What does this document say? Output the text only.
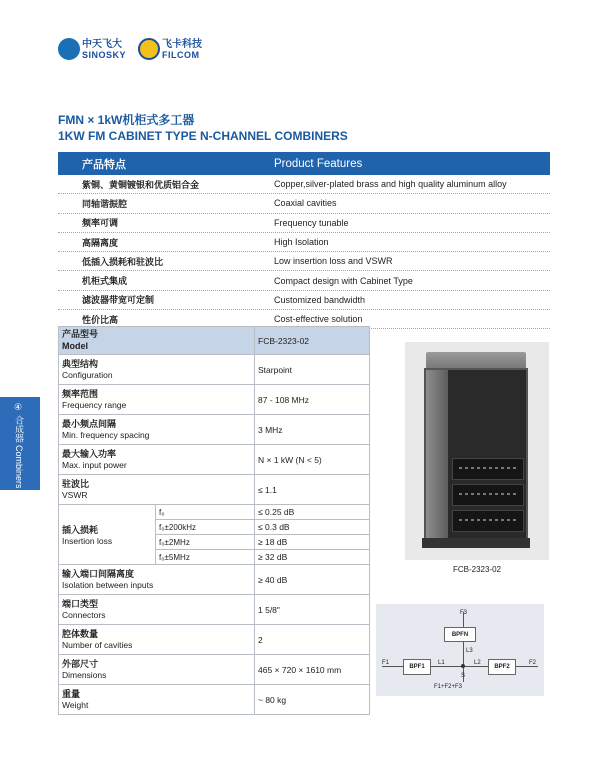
中天飞大
SINOSKY
飞卡科技
FILCOM
FMN × 1kW机柜式多工器
1KW FM CABINET TYPE N-CHANNEL COMBINERS
④ 合成器 Combiners
产品特点	Product Features
紫铜、黄铜镀银和优质铝合金	Copper,silver-plated brass and high quality aluminum alloy
同轴谐振腔	Coaxial cavities
频率可调	Frequency tunable
高隔离度	High Isolation
低插入损耗和驻波比	Low insertion loss and VSWR
机柜式集成	Compact design with Cabinet Type
滤波器带宽可定制	Customized bandwidth
性价比高	Cost-effective solution
产品型号
Model		FCB-2323-02

典型结构
Configuration		Starpoint

频率范围
Frequency range		87 - 108 MHz

最小频点间隔
Min. frequency spacing		3 MHz

最大输入功率
Max. input power		N × 1 kW (N < 5)

驻波比
VSWR		≤ 1.1
插入损耗
Insertion loss	f₀	≤ 0.25 dB
	f₀±200kHz	≤ 0.3 dB
	f₀±2MHz	≥ 18 dB
	f₀±5MHz	≥ 32 dB

输入端口间隔离度
Isolation between inputs		≥ 40 dB

端口类型
Connectors		1 5/8"

腔体数量
Number of cavities		2

外部尺寸
Dimensions		465 × 720 × 1610 mm

重量
Weight		~ 80 kg
FCB-2323-02
BPF1	BPF2
BPFN
F1	F2
F3
L1	L2
L3
S
F1+F2+F3
